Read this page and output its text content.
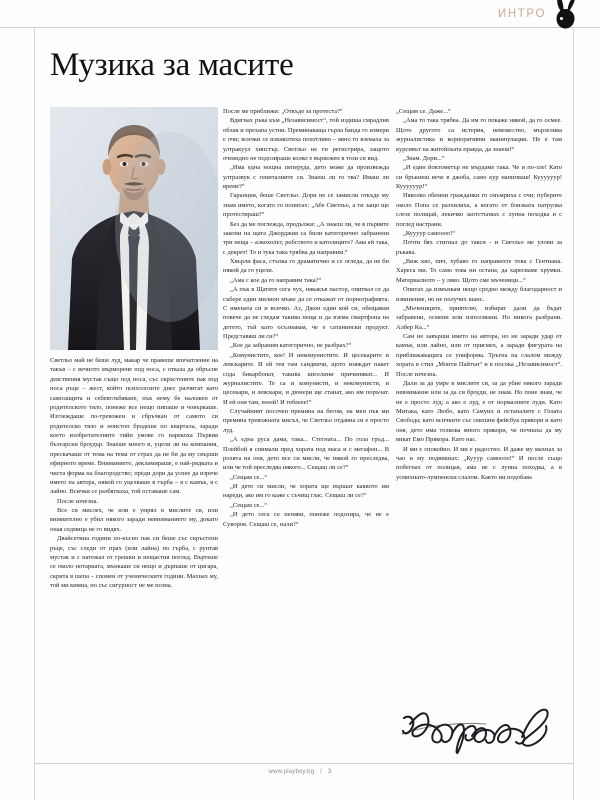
ИНТРО
Музика за масите

Светльо май не беше луд, макар че правеше впечатление на такъв – с вечното мърморене под носа, с отказа да обръсне девствения мустак също под носа, със скръстените пак под носа ръце – жест, който психолозите днес разчитат като самозащита и себевглъбяване, пък нему бе наложен от родителското тяло, понеже все нещо пипаше и човъркаше. Изглеждаше по-тревожен и сбръчкан от самото си родителско тяло и нонстоп бродеше по квартала, заради което изобретателните тийн умове го нарекоха Първия български броудър. Знаеше много и, уцели ли на компания, прескачаше от тема на тема от страх да не би да му свърши ефирното време. Вниманието, декламираше, е най-рядката и чиста форма на благородство; преди дори да успее да изрече името на автора, някой го уцелваше в гърба – я с камък, я с лайно. Всички се разбягваха, той оставаше сам.

После изчезна.

Все си мислех, че или е умрял в мислите си, или внимателно е убил някого заради невниманието му, докато оная седмица не го видях.

Двайсетина години по-късно пак си беше със скръстени ръце, със следи от прах (или лайна) по гърба, с рунтав мустак и с натежал от грешки и нещастия поглед. Въртеше се около нотариата, мънкаше си нещо и дърпаше от цигара, скрита в шепа – спомен от ученическите години. Махнах му, той ми кимна, но със сигурност не ме позна.

После ме приближи: „Откъде за протеста?“

Вдигнах ръка към „Независимост“, той издиша смрадлив облак и прехапа устни. Преминаваща гърла банда го измери с очи; всички се изкикотиха похотливо – явно го вземаха за ултракуул хипстър. Светльо не ги регистрира, защото очевидно не подозираше колко е вървежен в този си вид.

„Има една нощна пеперуда, дето може да произвежда ултразвук с гениталиите си. Знаеш ли го тва? Имаш ли време?“

Гаранция, беше Светльо. Дори не се замисли откъде му знам името, когато го попитах: „Абе Светльо, а ти защо ще протестираш?“

Без да ме поглежда, продължи: „А знаеш ли, че в първите закони на щата Джорджия са били категорично забранени три неща – алкохолът, робството и католиците? Ама ей така, с декрет! То и тука така трябва да направим.“

Хвърли фаса, стъпка го драматично и се огледа, да не би някой да го уцели.

„Ама с кое да го направим така?“

„А пък в Щатите сега чух, някакъв пастор, опитвал се да събере един милион мъже да се откажат от порнографията. С имената си и всичко. Аз, Джон един кой си, обещавам повече да не гледам такива неща и да взема смартфона на детето, тъй като осъзнавам, че е сатанински продукт. Представяш ли си?“

„Кое да забраним категорично, не разбрах?“

„Комунистите, кое! И некомунистите. И цесекарите и левскарите. И ей тея там сандвичи, щото изяждат пакет сода бикарбонат, такива киселини причиняват... И журналистите. Те са и комунисти, и некомунисти, и цесекари, и левскари, и дюнери ще станат, ако им поръчат. И ей оня там, еееей! И тебееее!“

Случайният посочен премина на бегом, на мен пък ми премина тревожната мисъл, че Светльо отдавна си е просто луд.

„А една руса дама, така... Стегната... По гола гръд... Плейбой я снимали пред хората под маса и с мегафон... В ролята на оня, дето все си мисли, че някой го преследва, или че той преследва някого... Сещаш ли се?“

„Сещам се...“

„И дето си мисли, че хората ще вършат каквото им нареди, ако им го каже с съчищ глас. Сещаш ли се?“

„Сещам се...“

„И дето сега се пеняви, понеже подозира, че не е Суворов. Сещаш се, нали?“

„Сещам се. Даже...“

„Ама то така трябва. Да им го покаже някой, да го осмее. Щото другото са истерия, невежество, мързелива журналистика и корпоративни манипулации. Не е там курсивът на житейската правда, да знаеш!“

„Знам. Дори...“

„И един йоктометър не мърдаме така. Че и по-зле! Като си бръкнеш вече в джоба, само кур напипваш! Куууууур! Куууууур!“

Няколко обемни гражданки го смъмриха с очи; пуберите около Попа се разхилиха, а когато от близката патрулка слезе полицай, лекичко заотстъпвах с лунна походка и с поглед настрани.

„Куууур самоооо!“

Почти бях стигнал до такси - и Светльо ме улови за ръкава.

„Виж кво, пич, хубаво го направихте това с Гентиана. Хареса ми. То само това ни остана, да харесваме хрумки. Материалното – у ляво. Щото сме мъченици...“

Опитах да измънкам нещо средно между благодарност и извинение, но не получих шанс.

„Мъчениците, приятелю, избират дали да бъдат забравени, осмени или използвани. Но никога разбрани. Албер Ка...“

Сам не завърши името на автора, но не заради удар от камък, или лайно, или от присмех, а заради фигурата на приближаващата се униформа. Тръгна на слалом между хората в стил „Монти Пайтън“ и в посока „Независимост“. После изчезна.

Дали за да умре в мислите си, за да убие някого заради невнимание или за да си броуди, не знам. Но поне знам, че не е просто луд; а ако е луд, е от нормалните луди. Като Митака, като Любо, като Самуил и останалите с Голата Свобода; като всичките със смешни фейсбук прякори и като оня, дето има толкова много прякори, че почнаха да му викат Емо Прякора. Като нас.

И ми е спокойно. И ми е радостно. И даже му махнах за чао и му подвикнах: „Кууур самоооо!“ И после също побегнах от полицая, ама не с лунна походка, а в усмихнато-лумпенски слалом. Както ни подобава

www.playboy.bg / 3
